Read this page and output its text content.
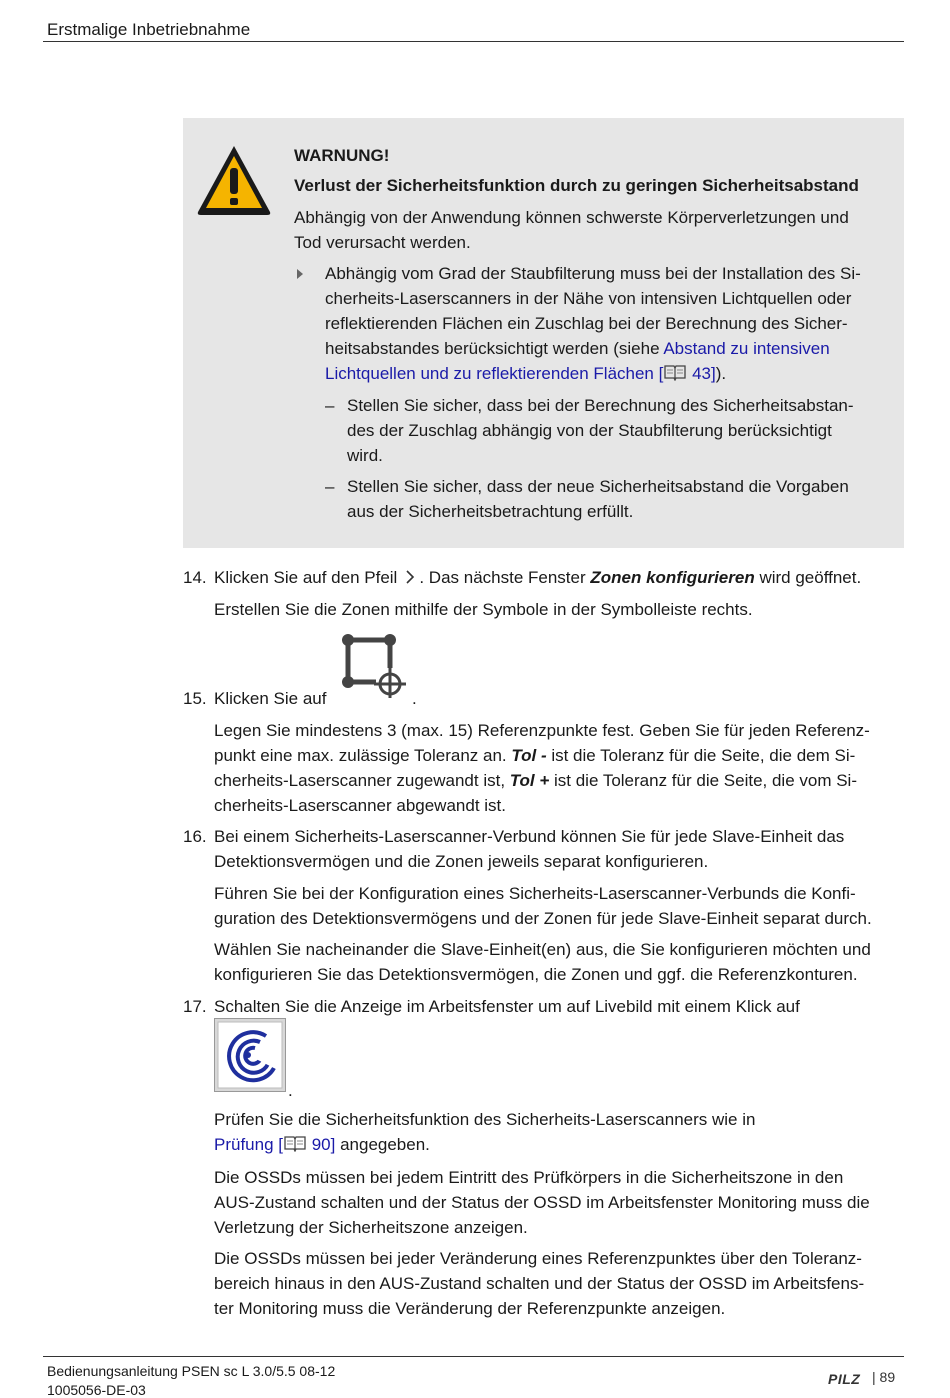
Erstmalige Inbetriebnahme
WARNUNG!
Verlust der Sicherheitsfunktion durch zu geringen Sicherheitsabstand
Abhängig von der Anwendung können schwerste Körperverletzungen und
Tod verursacht werden.
Abhängig vom Grad der Staubfilterung muss bei der Installation des Si-
cherheits-Laserscanners in der Nähe von intensiven Lichtquellen oder
reflektierenden Flächen ein Zuschlag bei der Berechnung des Sicher-
heitsabstandes berücksichtigt werden (siehe Abstand zu intensiven
Lichtquellen und zu reflektierenden Flächen [ 43]).
– Stellen Sie sicher, dass bei der Berechnung des Sicherheitsabstan-
des der Zuschlag abhängig von der Staubfilterung berücksichtigt
wird.
– Stellen Sie sicher, dass der neue Sicherheitsabstand die Vorgaben
aus der Sicherheitsbetrachtung erfüllt.
14. Klicken Sie auf den Pfeil . Das nächste Fenster Zonen konfigurieren wird geöffnet.
Erstellen Sie die Zonen mithilfe der Symbole in der Symbolleiste rechts.
15. Klicken Sie auf	.
Legen Sie mindestens 3 (max. 15) Referenzpunkte fest. Geben Sie für jeden Referenz-
punkt eine max. zulässige Toleranz an. Tol - ist die Toleranz für die Seite, die dem Si-
cherheits-Laserscanner zugewandt ist, Tol + ist die Toleranz für die Seite, die vom Si-
cherheits-Laserscanner abgewandt ist.
16. Bei einem Sicherheits-Laserscanner-Verbund können Sie für jede Slave-Einheit das
Detektionsvermögen und die Zonen jeweils separat konfigurieren.
Führen Sie bei der Konfiguration eines Sicherheits-Laserscanner-Verbunds die Konfi-
guration des Detektionsvermögens und der Zonen für jede Slave-Einheit separat durch.
Wählen Sie nacheinander die Slave-Einheit(en) aus, die Sie konfigurieren möchten und
konfigurieren Sie das Detektionsvermögen, die Zonen und ggf. die Referenzkonturen.
17. Schalten Sie die Anzeige im Arbeitsfenster um auf Livebild mit einem Klick auf
.
Prüfen Sie die Sicherheitsfunktion des Sicherheits-Laserscanners wie in
Prüfung [ 90] angegeben.
Die OSSDs müssen bei jedem Eintritt des Prüfkörpers in die Sicherheitszone in den
AUS-Zustand schalten und der Status der OSSD im Arbeitsfenster Monitoring muss die
Verletzung der Sicherheitszone anzeigen.
Die OSSDs müssen bei jeder Veränderung eines Referenzpunktes über den Toleranz-
bereich hinaus in den AUS-Zustand schalten und der Status der OSSD im Arbeitsfens-
ter Monitoring muss die Veränderung der Referenzpunkte anzeigen.
Bedienungsanleitung PSEN sc L 3.0/5.5 08-12
1005056-DE-03
PILZ | 89
